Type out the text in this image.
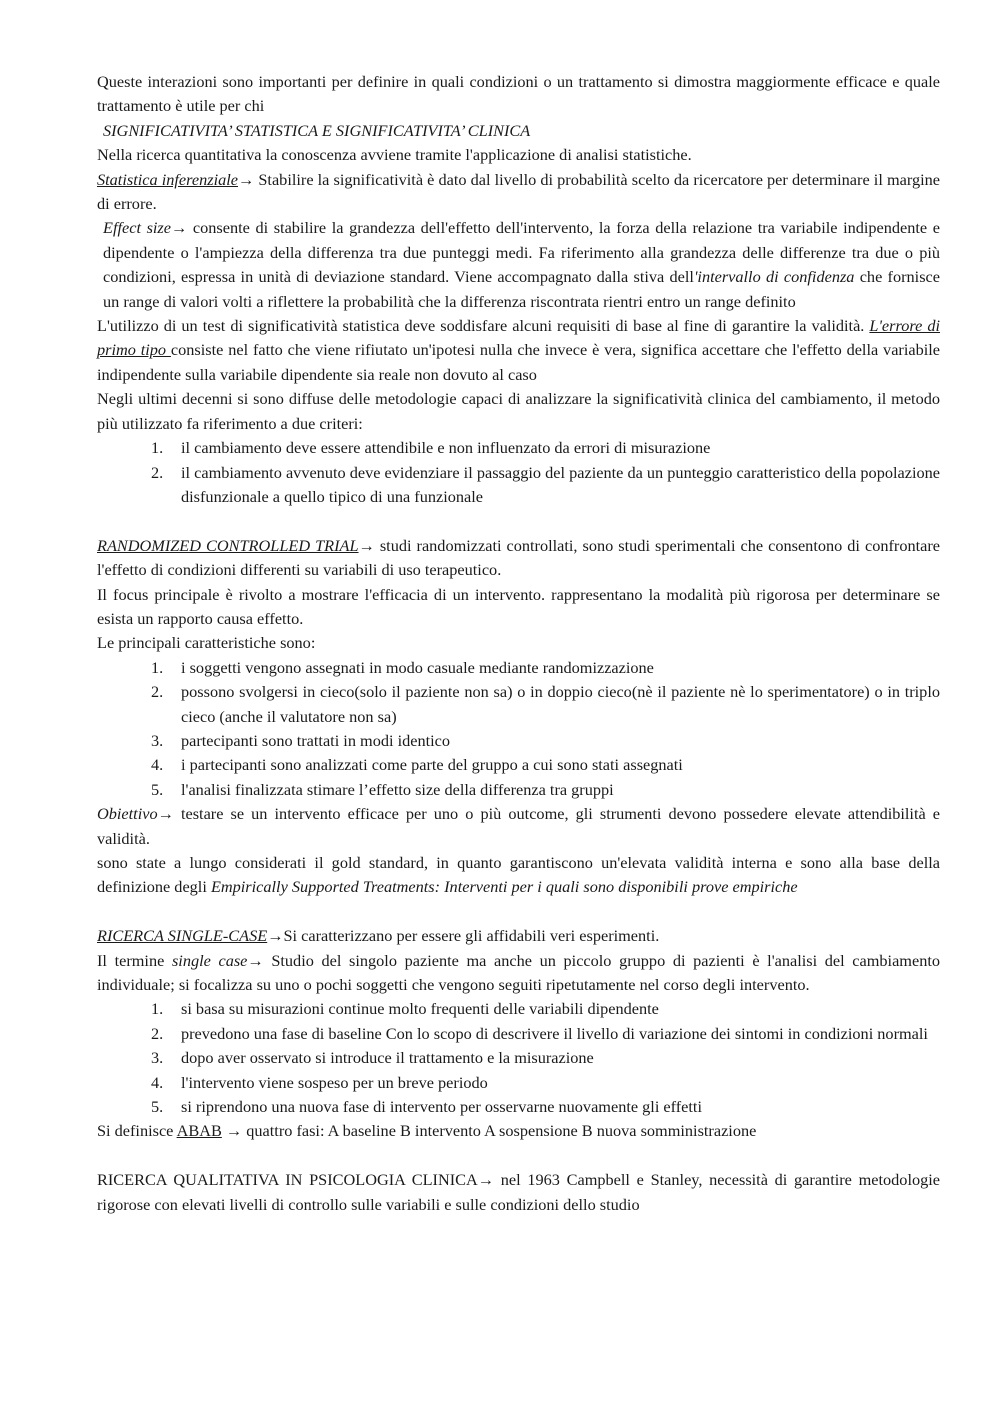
Queste interazioni sono importanti per definire in quali condizioni o un trattamento si dimostra maggiormente efficace e quale trattamento è utile per chi

SIGNIFICATIVITA’ STATISTICA E SIGNIFICATIVITA’ CLINICA

Nella ricerca quantitativa la conoscenza avviene tramite l'applicazione di analisi statistiche.

Statistica inferenziale→ Stabilire la significatività è dato dal livello di probabilità scelto da ricercatore per determinare il margine di errore.

Effect size→ consente di stabilire la grandezza dell'effetto dell'intervento, la forza della relazione tra variabile indipendente e dipendente o l'ampiezza della differenza tra due punteggi medi. Fa riferimento alla grandezza delle differenze tra due o più condizioni, espressa in unità di deviazione standard. Viene accompagnato dalla stiva dell'intervallo di confidenza che fornisce un range di valori volti a riflettere la probabilità che la differenza riscontrata rientri entro un range definito

L'utilizzo di un test di significatività statistica deve soddisfare alcuni requisiti di base al fine di garantire la validità. L'errore di primo tipo consiste nel fatto che viene rifiutato un'ipotesi nulla che invece è vera, significa accettare che l'effetto della variabile indipendente sulla variabile dipendente sia reale non dovuto al caso

Negli ultimi decenni si sono diffuse delle metodologie capaci di analizzare la significatività clinica del cambiamento, il metodo più utilizzato fa riferimento a due criteri:

1.	il cambiamento deve essere attendibile e non influenzato da errori di misurazione
2.	il cambiamento avvenuto deve evidenziare il passaggio del paziente da un punteggio caratteristico della popolazione disfunzionale a quello tipico di una funzionale

RANDOMIZED CONTROLLED TRIAL→ studi randomizzati controllati, sono studi sperimentali che consentono di confrontare l'effetto di condizioni differenti su variabili di uso terapeutico.

Il focus principale è rivolto a mostrare l'efficacia di un intervento. rappresentano la modalità più rigorosa per determinare se esista un rapporto causa effetto.

Le principali caratteristiche sono:

1.	i soggetti vengono assegnati in modo casuale mediante randomizzazione
2.	possono svolgersi in cieco(solo il paziente non sa) o in doppio cieco(nè il paziente nè lo sperimentatore) o in triplo cieco (anche il valutatore non sa)
3.	partecipanti sono trattati in modi identico
4.	i partecipanti sono analizzati come parte del gruppo a cui sono stati assegnati
5.	l'analisi finalizzata stimare l’effetto size della differenza tra gruppi

Obiettivo→ testare se un intervento efficace per uno o più outcome, gli strumenti devono possedere elevate attendibilità e validità.

sono state a lungo considerati il gold standard, in quanto garantiscono un'elevata validità interna e sono alla base della definizione degli Empirically Supported Treatments: Interventi per i quali sono disponibili prove empiriche

RICERCA SINGLE-CASE→Si caratterizzano per essere gli affidabili veri esperimenti.

Il termine single case→ Studio del singolo paziente ma anche un piccolo gruppo di pazienti è l'analisi del cambiamento individuale; si focalizza su uno o pochi soggetti che vengono seguiti ripetutamente nel corso degli intervento.

1.	si basa su misurazioni continue molto frequenti delle variabili dipendente
2.	prevedono una fase di baseline Con lo scopo di descrivere il livello di variazione dei sintomi in condizioni normali
3.	dopo aver osservato si introduce il trattamento e la misurazione
4.	l'intervento viene sospeso per un breve periodo
5.	si riprendono una nuova fase di intervento per osservarne nuovamente gli effetti

Si definisce ABAB → quattro fasi: A baseline B intervento A sospensione B nuova somministrazione

RICERCA QUALITATIVA IN PSICOLOGIA CLINICA→ nel 1963 Campbell e Stanley, necessità di garantire metodologie rigorose con elevati livelli di controllo sulle variabili e sulle condizioni dello studio
